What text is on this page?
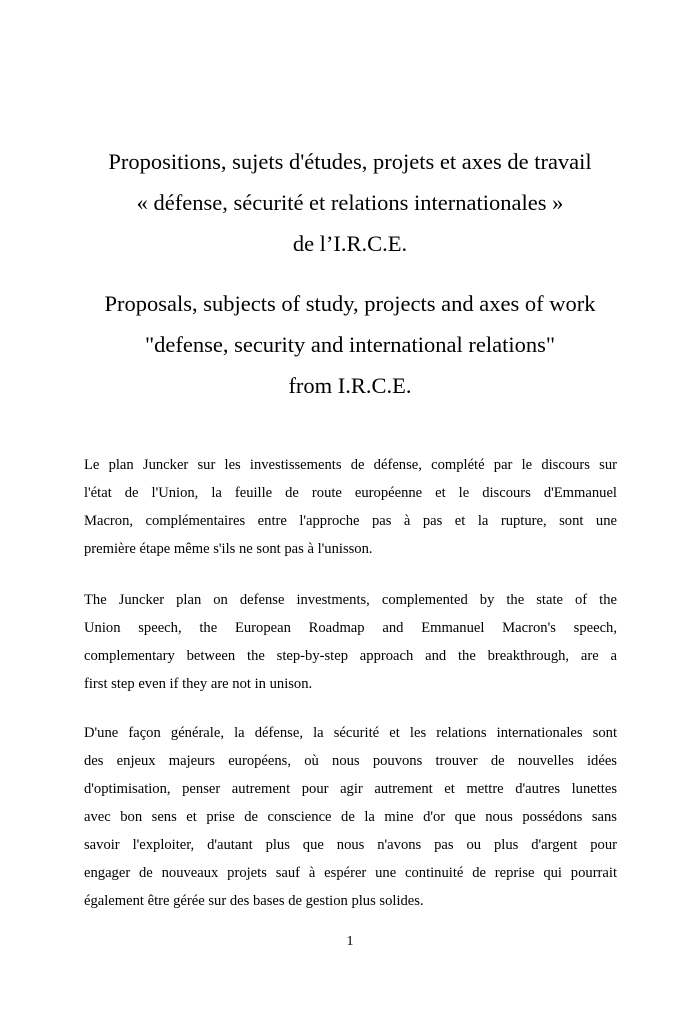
Propositions, sujets d'études, projets et axes de travail
« défense, sécurité et relations internationales »
de l’I.R.C.E.
Proposals, subjects of study, projects and axes of work
"defense, security and international relations"
from I.R.C.E.
Le plan Juncker sur les investissements de défense, complété par le discours sur
l'état de l'Union, la feuille de route européenne et le discours d'Emmanuel
Macron, complémentaires entre l'approche pas à pas et la rupture, sont une
première étape même s'ils ne sont pas à l'unisson.
The Juncker plan on defense investments, complemented by the state of the
Union speech, the European Roadmap and Emmanuel Macron's speech,
complementary between the step-by-step approach and the breakthrough, are a
first step even if they are not in unison.
D'une façon générale, la défense, la sécurité et les relations internationales sont
des enjeux majeurs européens, où nous pouvons trouver de nouvelles idées
d'optimisation, penser autrement pour agir autrement et mettre d'autres lunettes
avec bon sens et prise de conscience de la mine d'or que nous possédons sans
savoir l'exploiter, d'autant plus que nous n'avons pas ou plus d'argent pour
engager de nouveaux projets sauf à espérer une continuité de reprise qui pourrait
également être gérée sur des bases de gestion plus solides.
1
